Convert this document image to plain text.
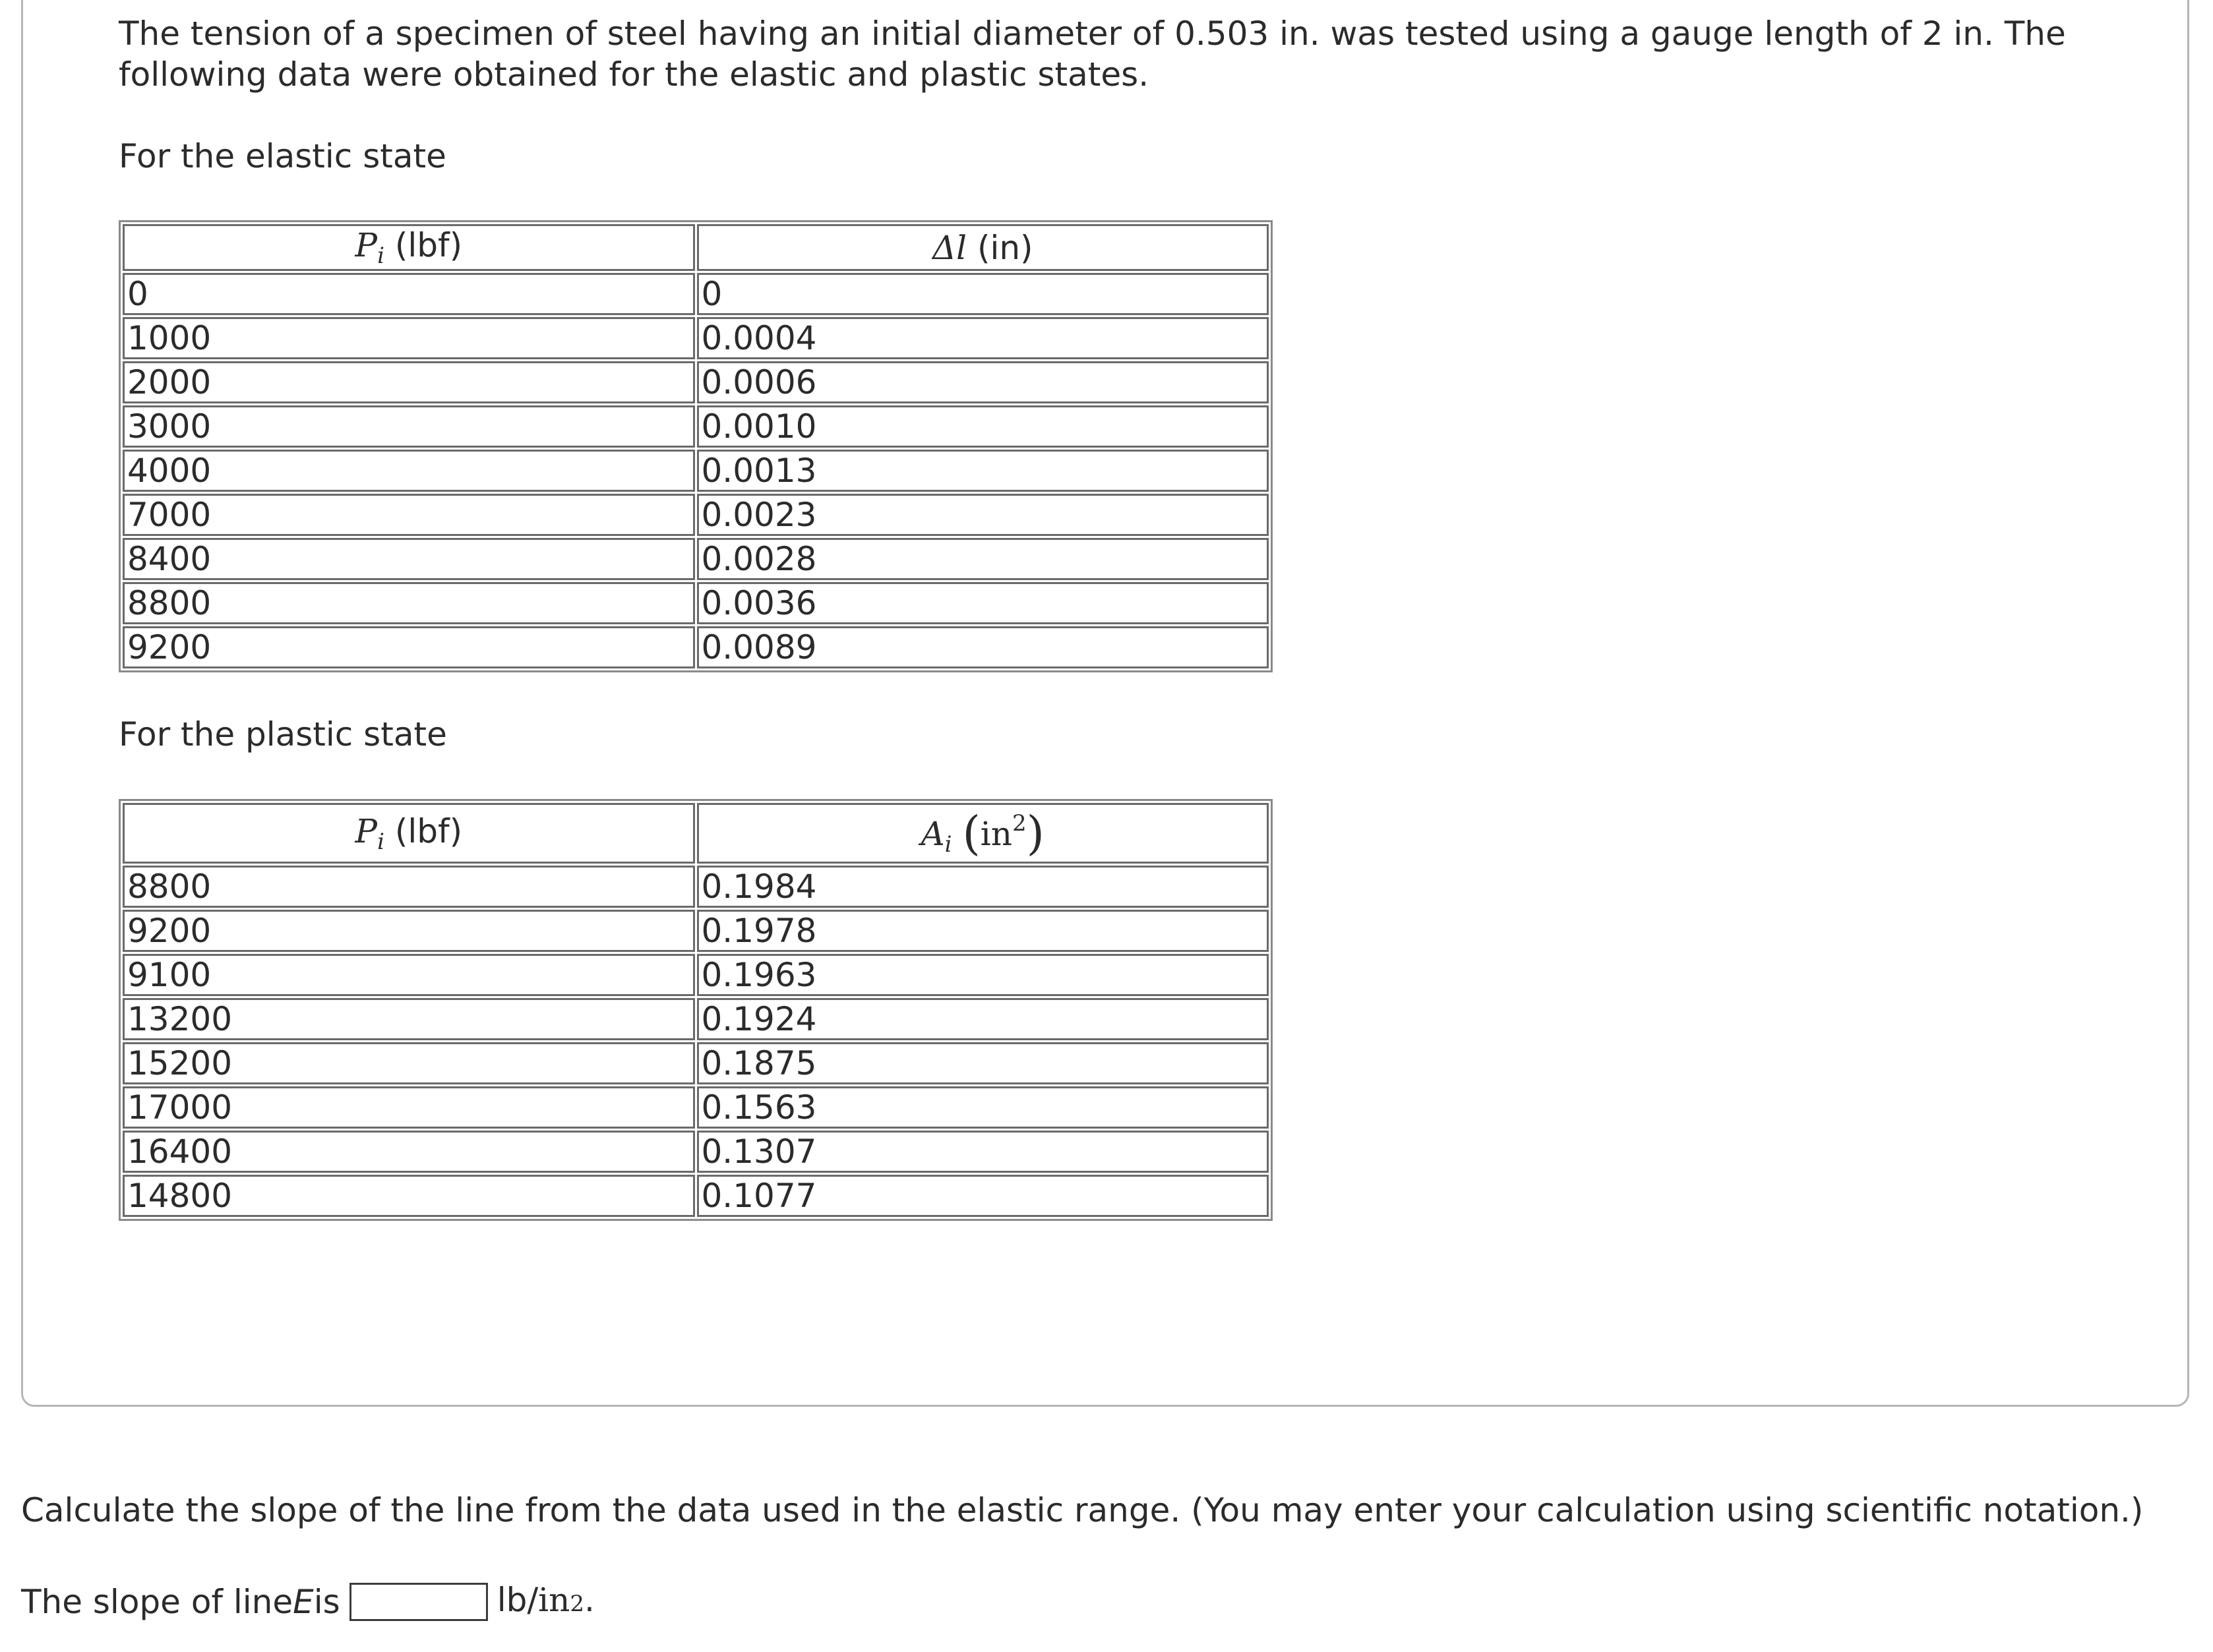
The tension of a specimen of steel having an initial diameter of 0.503 in. was tested using a gauge length of 2 in. The following data were obtained for the elastic and plastic states.

For the elastic state

$P_i$ (lbf)	Δl (in)
0	0
1000	0.0004
2000	0.0006
3000	0.0010
4000	0.0013
7000	0.0023
8400	0.0028
8800	0.0036
9200	0.0089

For the plastic state

$P_i$ (lbf)	$A_i$ $(in^2)$
8800	0.1984
9200	0.1978
9100	0.1963
13200	0.1924
15200	0.1875
17000	0.1563
16400	0.1307
14800	0.1077

Calculate the slope of the line from the data used in the elastic range. (You may enter your calculation using scientific notation.)

The slope of line E is	lb/ in 2 .
